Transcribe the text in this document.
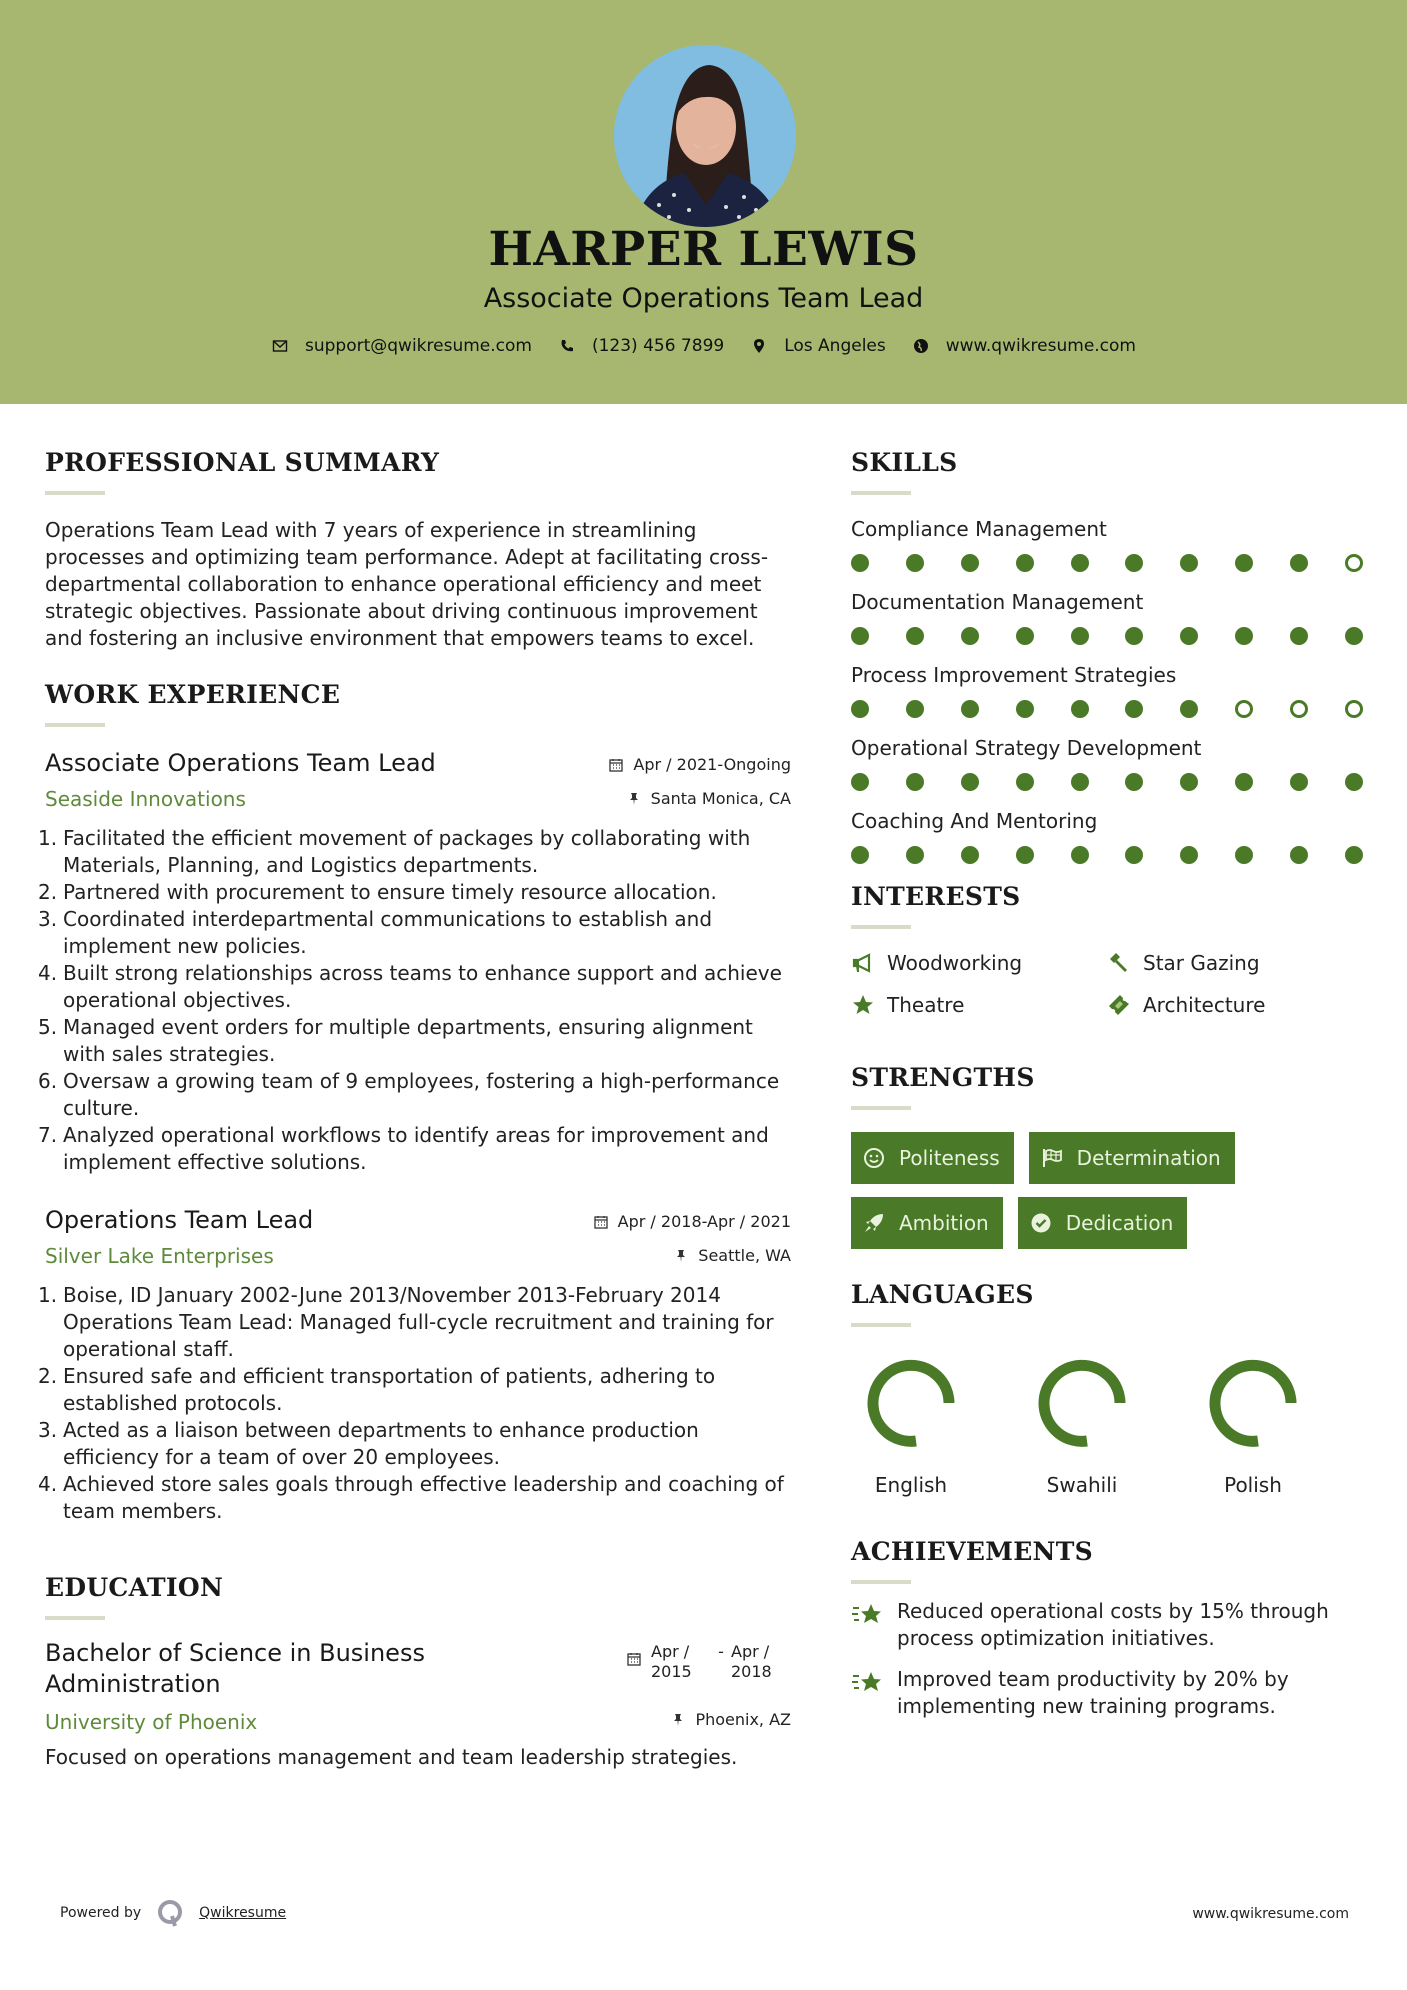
HARPER LEWIS
Associate Operations Team Lead
support@qwikresume.com	(123) 456 7899	Los Angeles	www.qwikresume.com
PROFESSIONAL SUMMARY

Operations Team Lead with 7 years of experience in streamlining processes and optimizing team performance. Adept at facilitating cross-departmental collaboration to enhance operational efficiency and meet strategic objectives. Passionate about driving continuous improvement and fostering an inclusive environment that empowers teams to excel.

WORK EXPERIENCE
Associate Operations Team Lead	Apr / 2021-Ongoing
Seaside Innovations	Santa Monica, CA
1. Facilitated the efficient movement of packages by collaborating with Materials, Planning, and Logistics departments.
2. Partnered with procurement to ensure timely resource allocation.
3. Coordinated interdepartmental communications to establish and implement new policies.
4. Built strong relationships across teams to enhance support and achieve operational objectives.
5. Managed event orders for multiple departments, ensuring alignment with sales strategies.
6. Oversaw a growing team of 9 employees, fostering a high-performance culture.
7. Analyzed operational workflows to identify areas for improvement and implement effective solutions.
Operations Team Lead	Apr / 2018-Apr / 2021
Silver Lake Enterprises	Seattle, WA
1. Boise, ID January 2002-June 2013/November 2013-February 2014 Operations Team Lead: Managed full-cycle recruitment and training for operational staff.
2. Ensured safe and efficient transportation of patients, adhering to established protocols.
3. Acted as a liaison between departments to enhance production efficiency for a team of over 20 employees.
4. Achieved store sales goals through effective leadership and coaching of team members.
EDUCATION
Bachelor of Science in Business Administration
Apr / 2015
- Apr / 2018
University of Phoenix	Phoenix, AZ

Focused on operations management and team leadership strategies.

SKILLS
Compliance Management
Documentation Management
Process Improvement Strategies
Operational Strategy Development
Coaching And Mentoring
INTERESTS
Woodworking	Star Gazing
Theatre	Architecture
STRENGTHS
Politeness	Determination
Ambition	Dedication
LANGUAGES
English	Swahili	Polish
ACHIEVEMENTS
Reduced operational costs by 15% through process optimization initiatives.
Improved team productivity by 20% by implementing new training programs.
Powered by	Qwikresume	www.qwikresume.com
